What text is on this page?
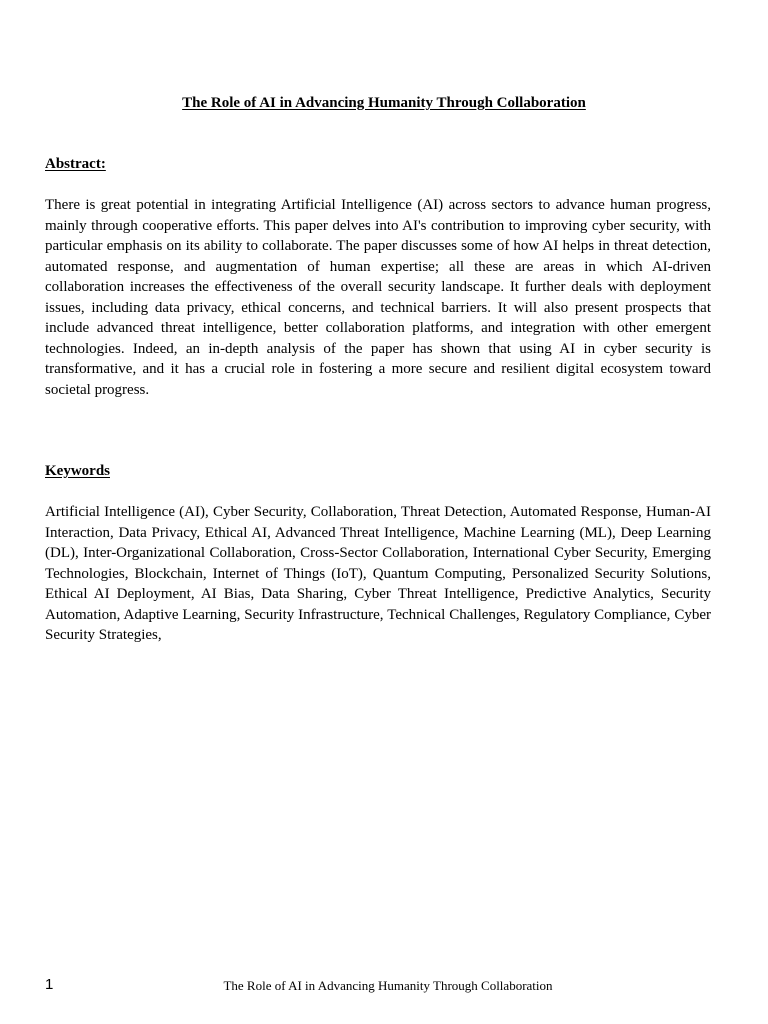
The Role of AI in Advancing Humanity Through Collaboration
Abstract:

There is great potential in integrating Artificial Intelligence (AI) across sectors to advance human progress, mainly through cooperative efforts. This paper delves into AI's contribution to improving cyber security, with particular emphasis on its ability to collaborate. The paper discusses some of how AI helps in threat detection, automated response, and augmentation of human expertise; all these are areas in which AI-driven collaboration increases the effectiveness of the overall security landscape. It further deals with deployment issues, including data privacy, ethical concerns, and technical barriers. It will also present prospects that include advanced threat intelligence, better collaboration platforms, and integration with other emergent technologies. Indeed, an in-depth analysis of the paper has shown that using AI in cyber security is transformative, and it has a crucial role in fostering a more secure and resilient digital ecosystem toward societal progress.

Keywords

Artificial Intelligence (AI), Cyber Security, Collaboration, Threat Detection, Automated Response, Human-AI Interaction, Data Privacy, Ethical AI, Advanced Threat Intelligence, Machine Learning (ML), Deep Learning (DL), Inter-Organizational Collaboration, Cross-Sector Collaboration, International Cyber Security, Emerging Technologies, Blockchain, Internet of Things (IoT), Quantum Computing, Personalized Security Solutions, Ethical AI Deployment, AI Bias, Data Sharing, Cyber Threat Intelligence, Predictive Analytics, Security Automation, Adaptive Learning, Security Infrastructure, Technical Challenges, Regulatory Compliance, Cyber Security Strategies,

1	The Role of AI in Advancing Humanity Through Collaboration
